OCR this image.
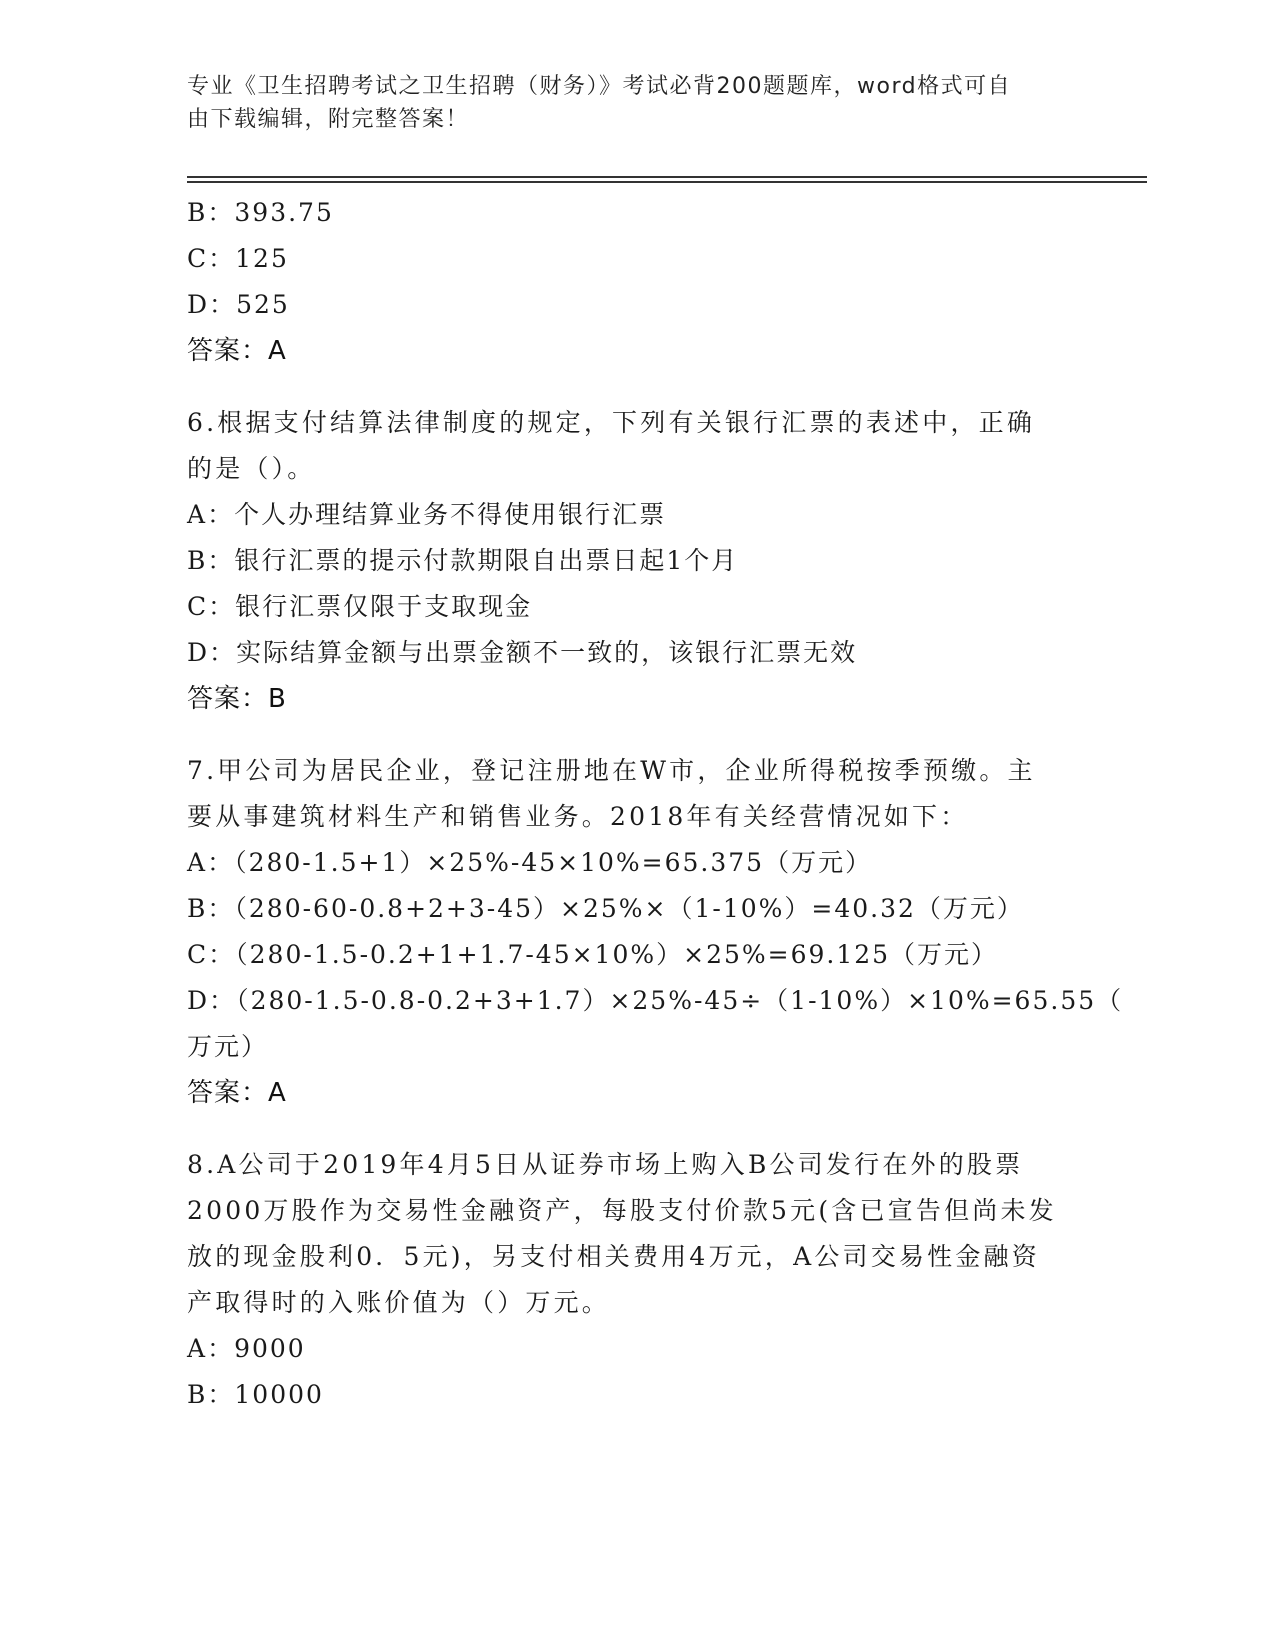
专业《卫生招聘考试之卫生招聘（财务）》考试必背200题题库，word格式可自
由下载编辑，附完整答案！
B：393.75
C：125
D：525
答案：A
6.根据支付结算法律制度的规定，下列有关银行汇票的表述中，正确
的是（）。
A：个人办理结算业务不得使用银行汇票
B：银行汇票的提示付款期限自出票日起1个月
C：银行汇票仅限于支取现金
D：实际结算金额与出票金额不一致的，该银行汇票无效
答案：B
7.甲公司为居民企业，登记注册地在W市，企业所得税按季预缴。主
要从事建筑材料生产和销售业务。2018年有关经营情况如下：
A：（280-1.5+1）×25%-45×10%=65.375（万元）
B：（280-60-0.8+2+3-45）×25%×（1-10%）=40.32（万元）
C：（280-1.5-0.2+1+1.7-45×10%）×25%=69.125（万元）
D：（280-1.5-0.8-0.2+3+1.7）×25%-45÷（1-10%）×10%=65.55（
万元）
答案：A
8.A公司于2019年4月5日从证券市场上购入B公司发行在外的股票
2000万股作为交易性金融资产，每股支付价款5元(含已宣告但尚未发
放的现金股利0．5元)，另支付相关费用4万元，A公司交易性金融资
产取得时的入账价值为（）万元。
A：9000
B：10000
